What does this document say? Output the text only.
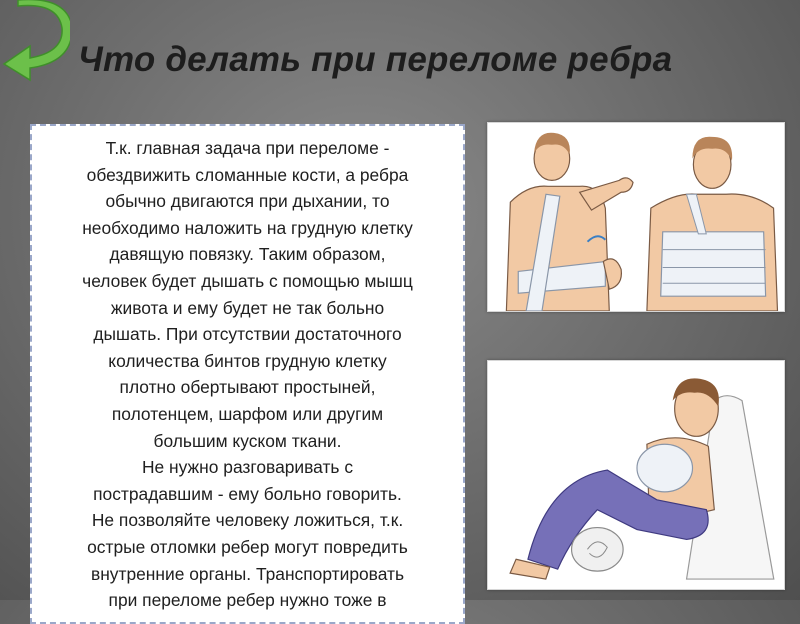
Что делать при переломе ребра

Т.к. главная задача при переломе -
обездвижить сломанные кости, а ребра
обычно двигаются при дыхании, то
необходимо наложить на грудную клетку
давящую повязку. Таким образом,
человек будет дышать с помощью мышц
живота и ему будет не так больно
дышать. При отсутствии достаточного
количества бинтов грудную клетку
плотно обертывают простыней,
полотенцем, шарфом или другим
большим куском ткани.
Не нужно разговаривать с
пострадавшим - ему больно говорить.
Не позволяйте человеку ложиться, т.к.
острые отломки ребер могут повредить
внутренние органы. Транспортировать
при переломе ребер нужно тоже в
